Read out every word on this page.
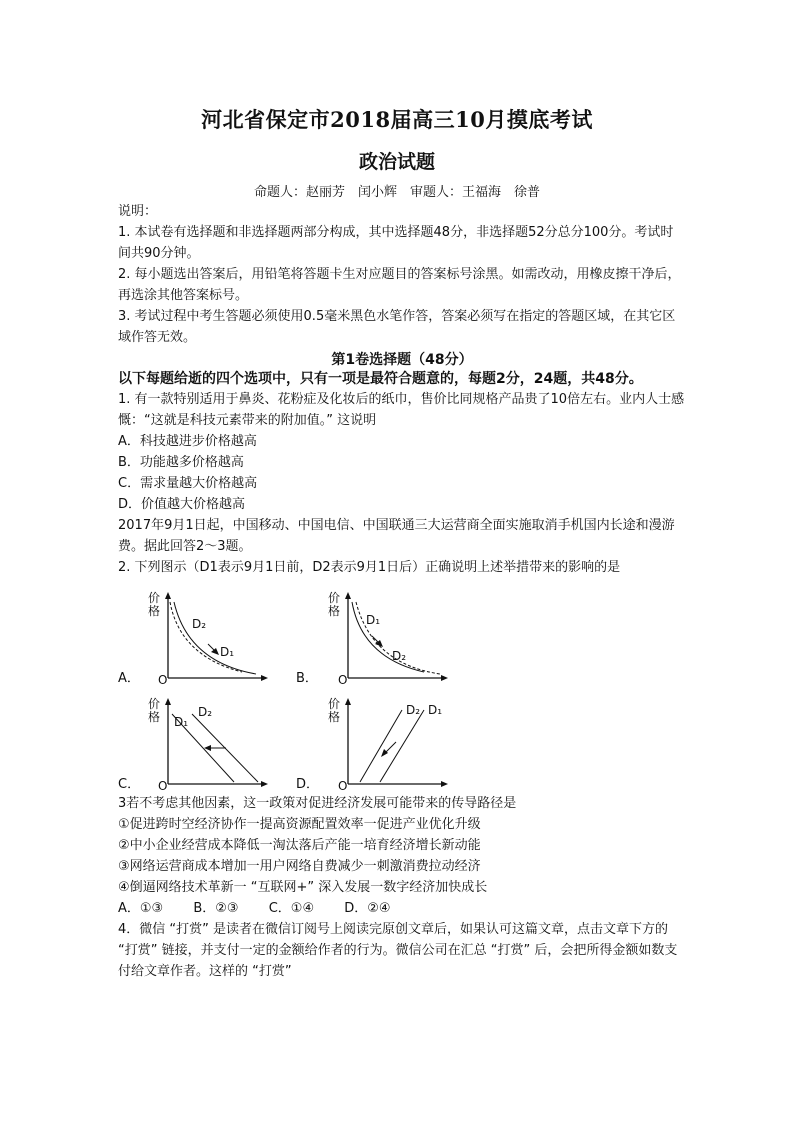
河北省保定市2018届高三10月摸底考试
政治试题
命题人：赵丽芳　闰小辉　审题人：王福海　徐普

说明：

1. 本试卷有选择题和非选择题两部分构成，其中选择题48分，非选择题52分总分100分。考试时间共90分钟。

2. 每小题选出答案后，用铅笔将答题卡生对应题目的答案标号涂黑。如需改动，用橡皮擦干净后，再选涂其他答案标号。

3. 考试过程中考生答题必须使用0.5毫米黑色水笔作答，答案必须写在指定的答题区域，在其它区域作答无效。

第1卷选择题（48分）

以下每题给逝的四个选项中，只有一项是最符合题意的，每题2分，24题，共48分。

1. 有一款特别适用于鼻炎、花粉症及化妆后的纸巾，售价比同规格产品贵了10倍左右。业内人士感慨：“这就是科技元素带来的附加值。” 这说明

A．科技越进步价格越高

B．功能越多价格越高

C．需求量越大价格越高

D．价值越大价格越高

2017年9月1日起，中国移动、中国电信、中国联通三大运营商全面实施取消手机国内长途和漫游费。据此回答2～3题。

2. 下列图示（D1表示9月1日前，D2表示9月1日后）正确说明上述举措带来的影响的是

A．
价格
O
D₂
D₁
B．
价格
O
D₁
D₂
C．
价格
O
D₁
D₂
D．
价格
O
D₂ D₁

3若不考虑其他因素，这一政策对促进经济发展可能带来的传导路径是

①促进跨时空经济协作一提高资源配置效率一促进产业优化升级

②中小企业经营成本降低一淘汰落后产能一培育经济增长新动能

③网络运营商成本增加一用户网络自费减少一刺激消费拉动经济

④倒逼网络技术革新一 “互联网+” 深入发展一数字经济加快成长

A．①③ B．②③ C．①④ D．②④

4．微信 “打赏” 是读者在微信订阅号上阅读完原创文章后，如果认可这篇文章，点击文章下方的 “打赏” 链接，并支付一定的金额给作者的行为。微信公司在汇总 “打赏” 后，会把所得金额如数支付给文章作者。这样的 “打赏”
